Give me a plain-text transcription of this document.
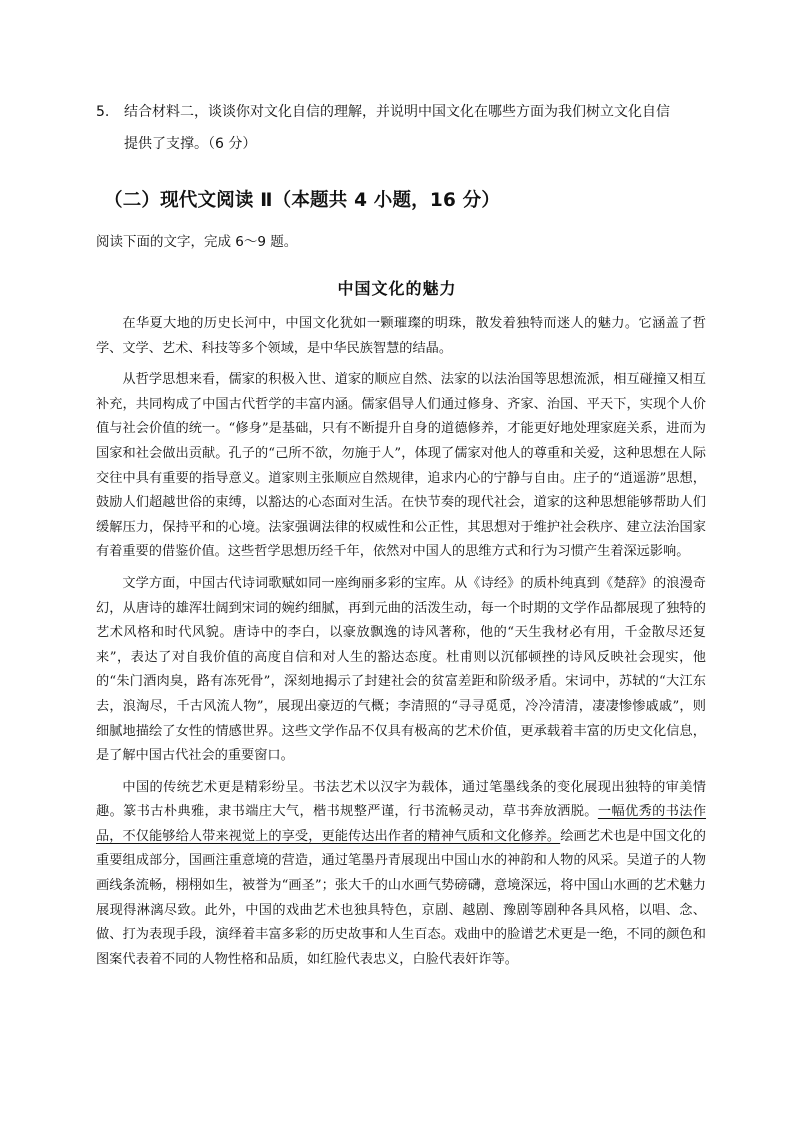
5. 结合材料二，谈谈你对文化自信的理解，并说明中国文化在哪些方面为我们树立文化自信
提供了支撑。（6 分）
（二）现代文阅读 Ⅱ（本题共 4 小题，16 分）
阅读下面的文字，完成 6～9 题。
中国文化的魅力

在华夏大地的历史长河中，中国文化犹如一颗璀璨的明珠，散发着独特而迷人的魅力。它涵盖了哲学、文学、艺术、科技等多个领域，是中华民族智慧的结晶。

从哲学思想来看，儒家的积极入世、道家的顺应自然、法家的以法治国等思想流派，相互碰撞又相互补充，共同构成了中国古代哲学的丰富内涵。儒家倡导人们通过修身、齐家、治国、平天下，实现个人价值与社会价值的统一。“修身”是基础，只有不断提升自身的道德修养，才能更好地处理家庭关系，进而为国家和社会做出贡献。孔子的“己所不欲，勿施于人”，体现了儒家对他人的尊重和关爱，这种思想在人际交往中具有重要的指导意义。道家则主张顺应自然规律，追求内心的宁静与自由。庄子的“逍遥游”思想，鼓励人们超越世俗的束缚，以豁达的心态面对生活。在快节奏的现代社会，道家的这种思想能够帮助人们缓解压力，保持平和的心境。法家强调法律的权威性和公正性，其思想对于维护社会秩序、建立法治国家有着重要的借鉴价值。这些哲学思想历经千年，依然对中国人的思维方式和行为习惯产生着深远影响。

文学方面，中国古代诗词歌赋如同一座绚丽多彩的宝库。从《诗经》的质朴纯真到《楚辞》的浪漫奇幻，从唐诗的雄浑壮阔到宋词的婉约细腻，再到元曲的活泼生动，每一个时期的文学作品都展现了独特的艺术风格和时代风貌。唐诗中的李白，以豪放飘逸的诗风著称，他的“天生我材必有用，千金散尽还复来”，表达了对自我价值的高度自信和对人生的豁达态度。杜甫则以沉郁顿挫的诗风反映社会现实，他的“朱门酒肉臭，路有冻死骨”，深刻地揭示了封建社会的贫富差距和阶级矛盾。宋词中，苏轼的“大江东去，浪淘尽，千古风流人物”，展现出豪迈的气概；李清照的“寻寻觅觅，冷冷清清，凄凄惨惨戚戚”，则细腻地描绘了女性的情感世界。这些文学作品不仅具有极高的艺术价值，更承载着丰富的历史文化信息，是了解中国古代社会的重要窗口。

中国的传统艺术更是精彩纷呈。书法艺术以汉字为载体，通过笔墨线条的变化展现出独特的审美情趣。篆书古朴典雅，隶书端庄大气，楷书规整严谨，行书流畅灵动，草书奔放洒脱。一幅优秀的书法作品，不仅能够给人带来视觉上的享受，更能传达出作者的精神气质和文化修养。绘画艺术也是中国文化的重要组成部分，国画注重意境的营造，通过笔墨丹青展现出中国山水的神韵和人物的风采。吴道子的人物画线条流畅，栩栩如生，被誉为“画圣”；张大千的山水画气势磅礴，意境深远，将中国山水画的艺术魅力展现得淋漓尽致。此外，中国的戏曲艺术也独具特色，京剧、越剧、豫剧等剧种各具风格，以唱、念、做、打为表现手段，演绎着丰富多彩的历史故事和人生百态。戏曲中的脸谱艺术更是一绝，不同的颜色和图案代表着不同的人物性格和品质，如红脸代表忠义，白脸代表奸诈等。
